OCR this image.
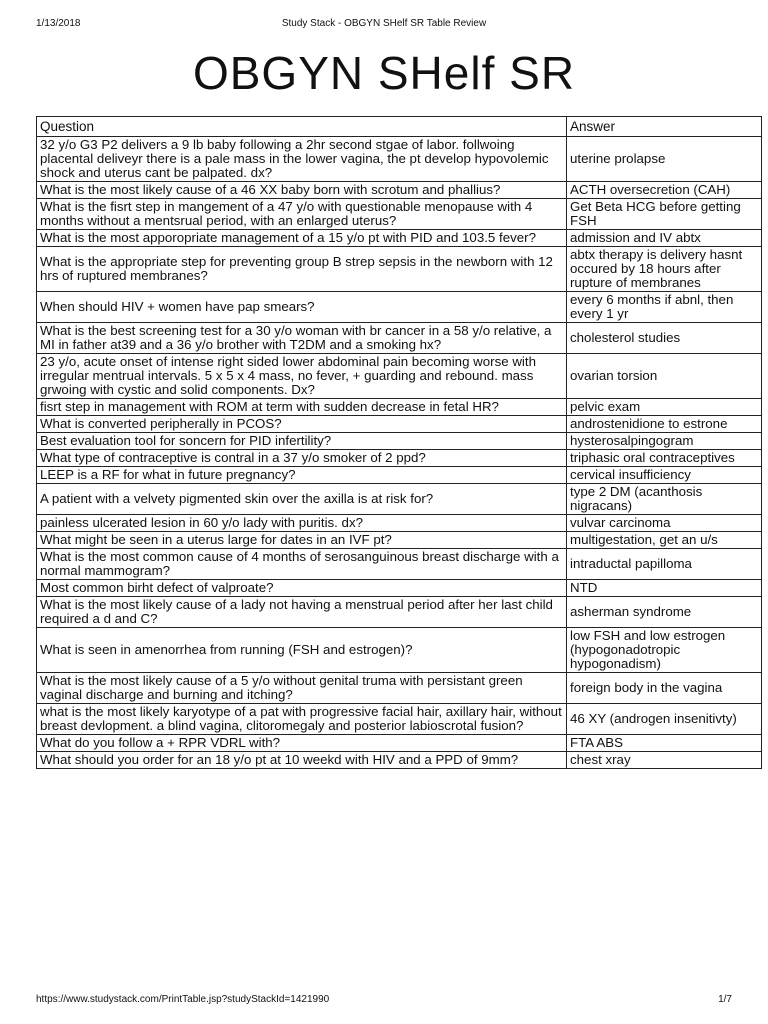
1/13/2018	Study Stack - OBGYN SHelf SR Table Review
OBGYN SHelf SR
Question	Answer
32 y/o G3 P2 delivers a 9 lb baby following a 2hr second stgae of labor. follwoing placental deliveyr there is a pale mass in the lower vagina, the pt develop hypovolemic shock and uterus cant be palpated. dx?	uterine prolapse
What is the most likely cause of a 46 XX baby born with scrotum and phallius?	ACTH oversecretion (CAH)
What is the fisrt step in mangement of a 47 y/o with questionable menopause with 4 months without a mentsrual period, with an enlarged uterus?	Get Beta HCG before getting FSH
What is the most apporopriate management of a 15 y/o pt with PID and 103.5 fever?	admission and IV abtx
What is the appropriate step for preventing group B strep sepsis in the newborn with 12 hrs of ruptured membranes?	abtx therapy is delivery hasnt occured by 18 hours after rupture of membranes
When should HIV + women have pap smears?	every 6 months if abnl, then every 1 yr
What is the best screening test for a 30 y/o woman with br cancer in a 58 y/o relative, a MI in father at39 and a 36 y/o brother with T2DM and a smoking hx?	cholesterol studies
23 y/o, acute onset of intense right sided lower abdominal pain becoming worse with irregular mentrual intervals. 5 x 5 x 4 mass, no fever, + guarding and rebound. mass grwoing with cystic and solid components. Dx?	ovarian torsion
fisrt step in management with ROM at term with sudden decrease in fetal HR?	pelvic exam
What is converted peripherally in PCOS?	androstenidione to estrone
Best evaluation tool for soncern for PID infertility?	hysterosalpingogram
What type of contraceptive is contral in a 37 y/o smoker of 2 ppd?	triphasic oral contraceptives
LEEP is a RF for what in future pregnancy?	cervical insufficiency
A patient with a velvety pigmented skin over the axilla is at risk for?	type 2 DM (acanthosis nigracans)
painless ulcerated lesion in 60 y/o lady with puritis. dx?	vulvar carcinoma
What might be seen in a uterus large for dates in an IVF pt?	multigestation, get an u/s
What is the most common cause of 4 months of serosanguinous breast discharge with a normal mammogram?	intraductal papilloma
Most common birht defect of valproate?	NTD
What is the most likely cause of a lady not having a menstrual period after her last child required a d and C?	asherman syndrome
What is seen in amenorrhea from running (FSH and estrogen)?	low FSH and low estrogen (hypogonadotropic hypogonadism)
What is the most likely cause of a 5 y/o without genital truma with persistant green vaginal discharge and burning and itching?	foreign body in the vagina
what is the most likely karyotype of a pat with progressive facial hair, axillary hair, without breast devlopment. a blind vagina, clitoromegaly and posterior labioscrotal fusion?	46 XY (androgen insenitivty)
What do you follow a + RPR VDRL with?	FTA ABS
What should you order for an 18 y/o pt at 10 weekd with HIV and a PPD of 9mm?	chest xray
https://www.studystack.com/PrintTable.jsp?studyStackId=1421990	1/7
